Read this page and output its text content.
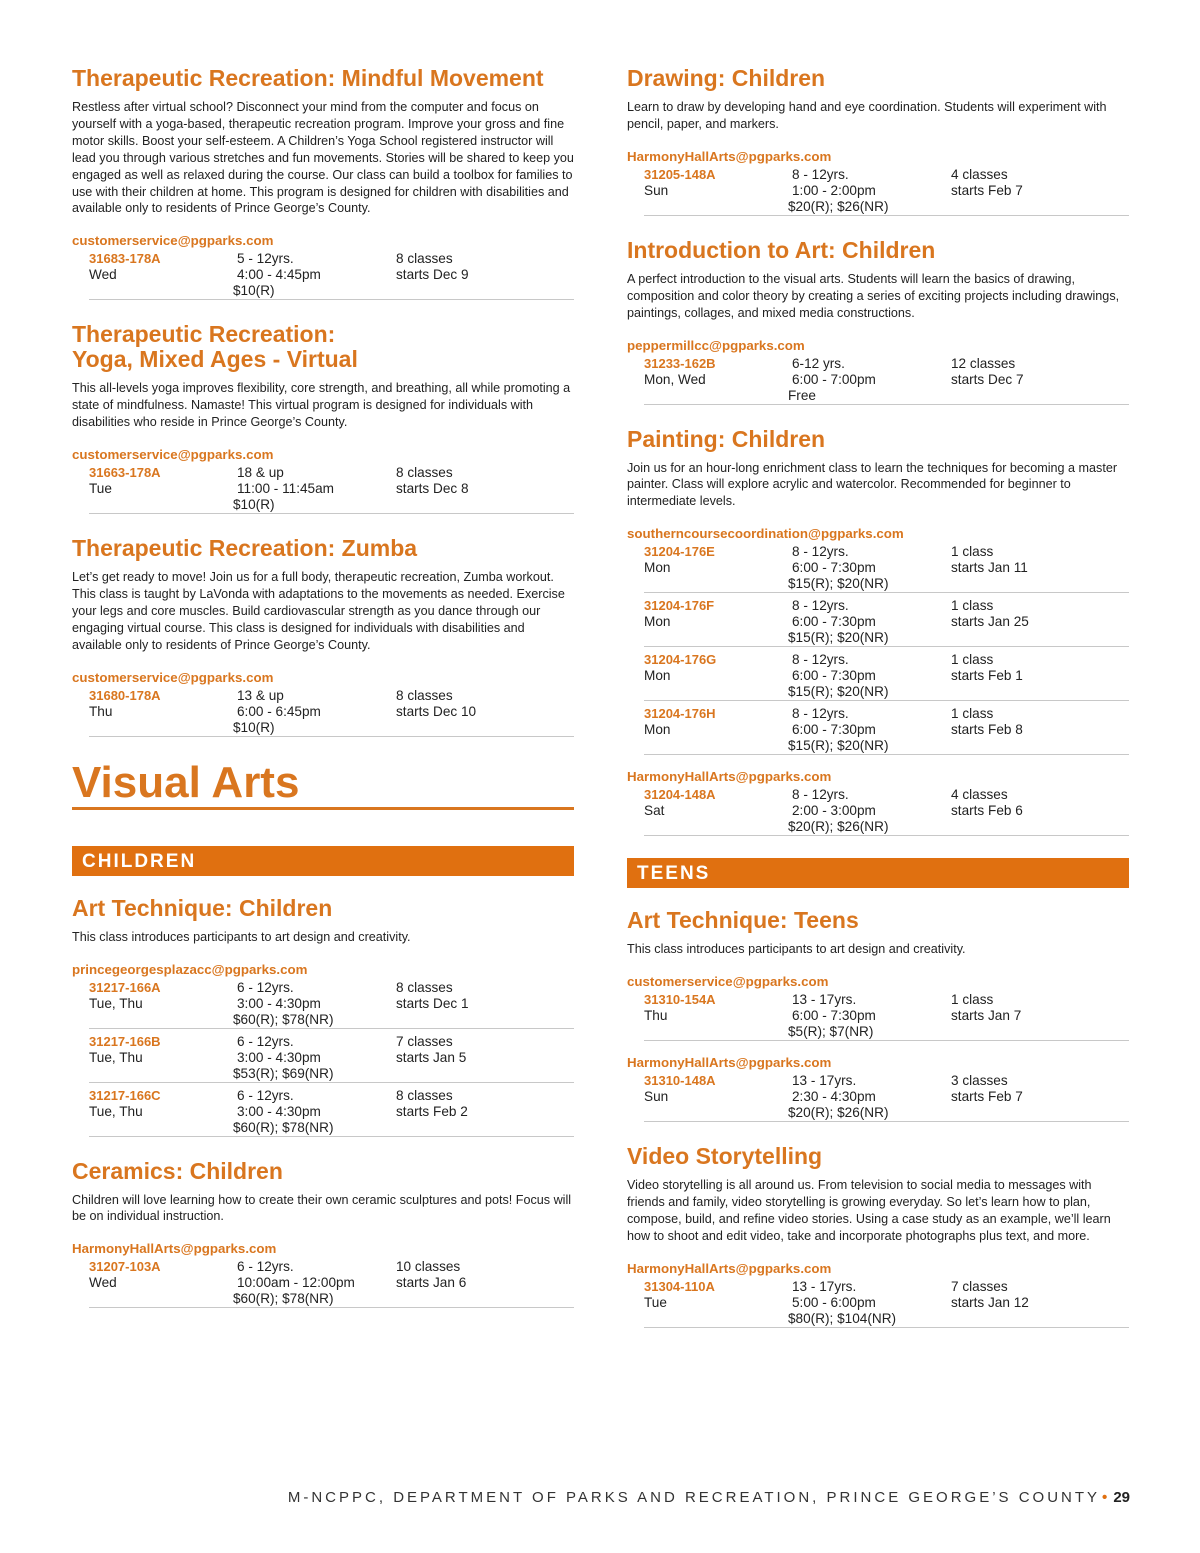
Therapeutic Recreation: Mindful Movement

Restless after virtual school? Disconnect your mind from the computer and focus on yourself with a yoga-based, therapeutic recreation program. Improve your gross and fine motor skills. Boost your self-esteem. A Children’s Yoga School registered instructor will lead you through various stretches and fun movements. Stories will be shared to keep you engaged as well as relaxed during the course. Our class can build a toolbox for families to use with their children at home. This program is designed for children with disabilities and available only to residents of Prince George’s County.

customerservice@pgparks.com
31683-178A
Wed
5 - 12yrs.
4:00 - 4:45pm
$10(R)
8 classes
starts Dec 9
Therapeutic Recreation:
Yoga, Mixed Ages - Virtual

This all-levels yoga improves flexibility, core strength, and breathing, all while promoting a state of mindfulness. Namaste! This virtual program is designed for individuals with disabilities who reside in Prince George’s County.

customerservice@pgparks.com
31663-178A
Tue
18 & up
11:00 - 11:45am
$10(R)
8 classes
starts Dec 8
Therapeutic Recreation: Zumba

Let’s get ready to move! Join us for a full body, therapeutic recreation, Zumba workout. This class is taught by LaVonda with adaptations to the movements as needed. Exercise your legs and core muscles. Build cardiovascular strength as you dance through our engaging virtual course. This class is designed for individuals with disabilities and available only to residents of Prince George’s County.

customerservice@pgparks.com
31680-178A
Thu
13 & up
6:00 - 6:45pm
$10(R)
8 classes
starts Dec 10
Visual Arts
CHILDREN
Art Technique: Children

This class introduces participants to art design and creativity.

princegeorgesplazacc@pgparks.com
31217-166A
Tue, Thu
6 - 12yrs.
3:00 - 4:30pm
$60(R); $78(NR)
8 classes
starts Dec 1
31217-166B
Tue, Thu
6 - 12yrs.
3:00 - 4:30pm
$53(R); $69(NR)
7 classes
starts Jan 5
31217-166C
Tue, Thu
6 - 12yrs.
3:00 - 4:30pm
$60(R); $78(NR)
8 classes
starts Feb 2
Ceramics: Children

Children will love learning how to create their own ceramic sculptures and pots! Focus will be on individual instruction.

HarmonyHallArts@pgparks.com
31207-103A
Wed
6 - 12yrs.
10:00am - 12:00pm
$60(R); $78(NR)
10 classes
starts Jan 6
Drawing: Children

Learn to draw by developing hand and eye coordination. Students will experiment with pencil, paper, and markers.

HarmonyHallArts@pgparks.com
31205-148A
Sun
8 - 12yrs.
1:00 - 2:00pm
$20(R); $26(NR)
4 classes
starts Feb 7
Introduction to Art: Children

A perfect introduction to the visual arts. Students will learn the basics of drawing, composition and color theory by creating a series of exciting projects including drawings, paintings, collages, and mixed media constructions.

peppermillcc@pgparks.com
31233-162B
Mon, Wed
6-12 yrs.
6:00 - 7:00pm
Free
12 classes
starts Dec 7
Painting: Children

Join us for an hour-long enrichment class to learn the techniques for becoming a master painter. Class will explore acrylic and watercolor. Recommended for beginner to intermediate levels.

southerncoursecoordination@pgparks.com
31204-176E
Mon
8 - 12yrs.
6:00 - 7:30pm
$15(R); $20(NR)
1 class
starts Jan 11
31204-176F
Mon
8 - 12yrs.
6:00 - 7:30pm
$15(R); $20(NR)
1 class
starts Jan 25
31204-176G
Mon
8 - 12yrs.
6:00 - 7:30pm
$15(R); $20(NR)
1 class
starts Feb 1
31204-176H
Mon
8 - 12yrs.
6:00 - 7:30pm
$15(R); $20(NR)
1 class
starts Feb 8
HarmonyHallArts@pgparks.com
31204-148A
Sat
8 - 12yrs.
2:00 - 3:00pm
$20(R); $26(NR)
4 classes
starts Feb 6
TEENS
Art Technique: Teens

This class introduces participants to art design and creativity.

customerservice@pgparks.com
31310-154A
Thu
13 - 17yrs.
6:00 - 7:30pm
$5(R); $7(NR)
1 class
starts Jan 7
HarmonyHallArts@pgparks.com
31310-148A
Sun
13 - 17yrs.
2:30 - 4:30pm
$20(R); $26(NR)
3 classes
starts Feb 7
Video Storytelling

Video storytelling is all around us. From television to social media to messages with friends and family, video storytelling is growing everyday. So let’s learn how to plan, compose, build, and refine video stories. Using a case study as an example, we’ll learn how to shoot and edit video, take and incorporate photographs plus text, and more.

HarmonyHallArts@pgparks.com
31304-110A
Tue
13 - 17yrs.
5:00 - 6:00pm
$80(R); $104(NR)
7 classes
starts Jan 12
M-NCPPC, DEPARTMENT OF PARKS AND RECREATION, PRINCE GEORGE’S COUNTY • 29
